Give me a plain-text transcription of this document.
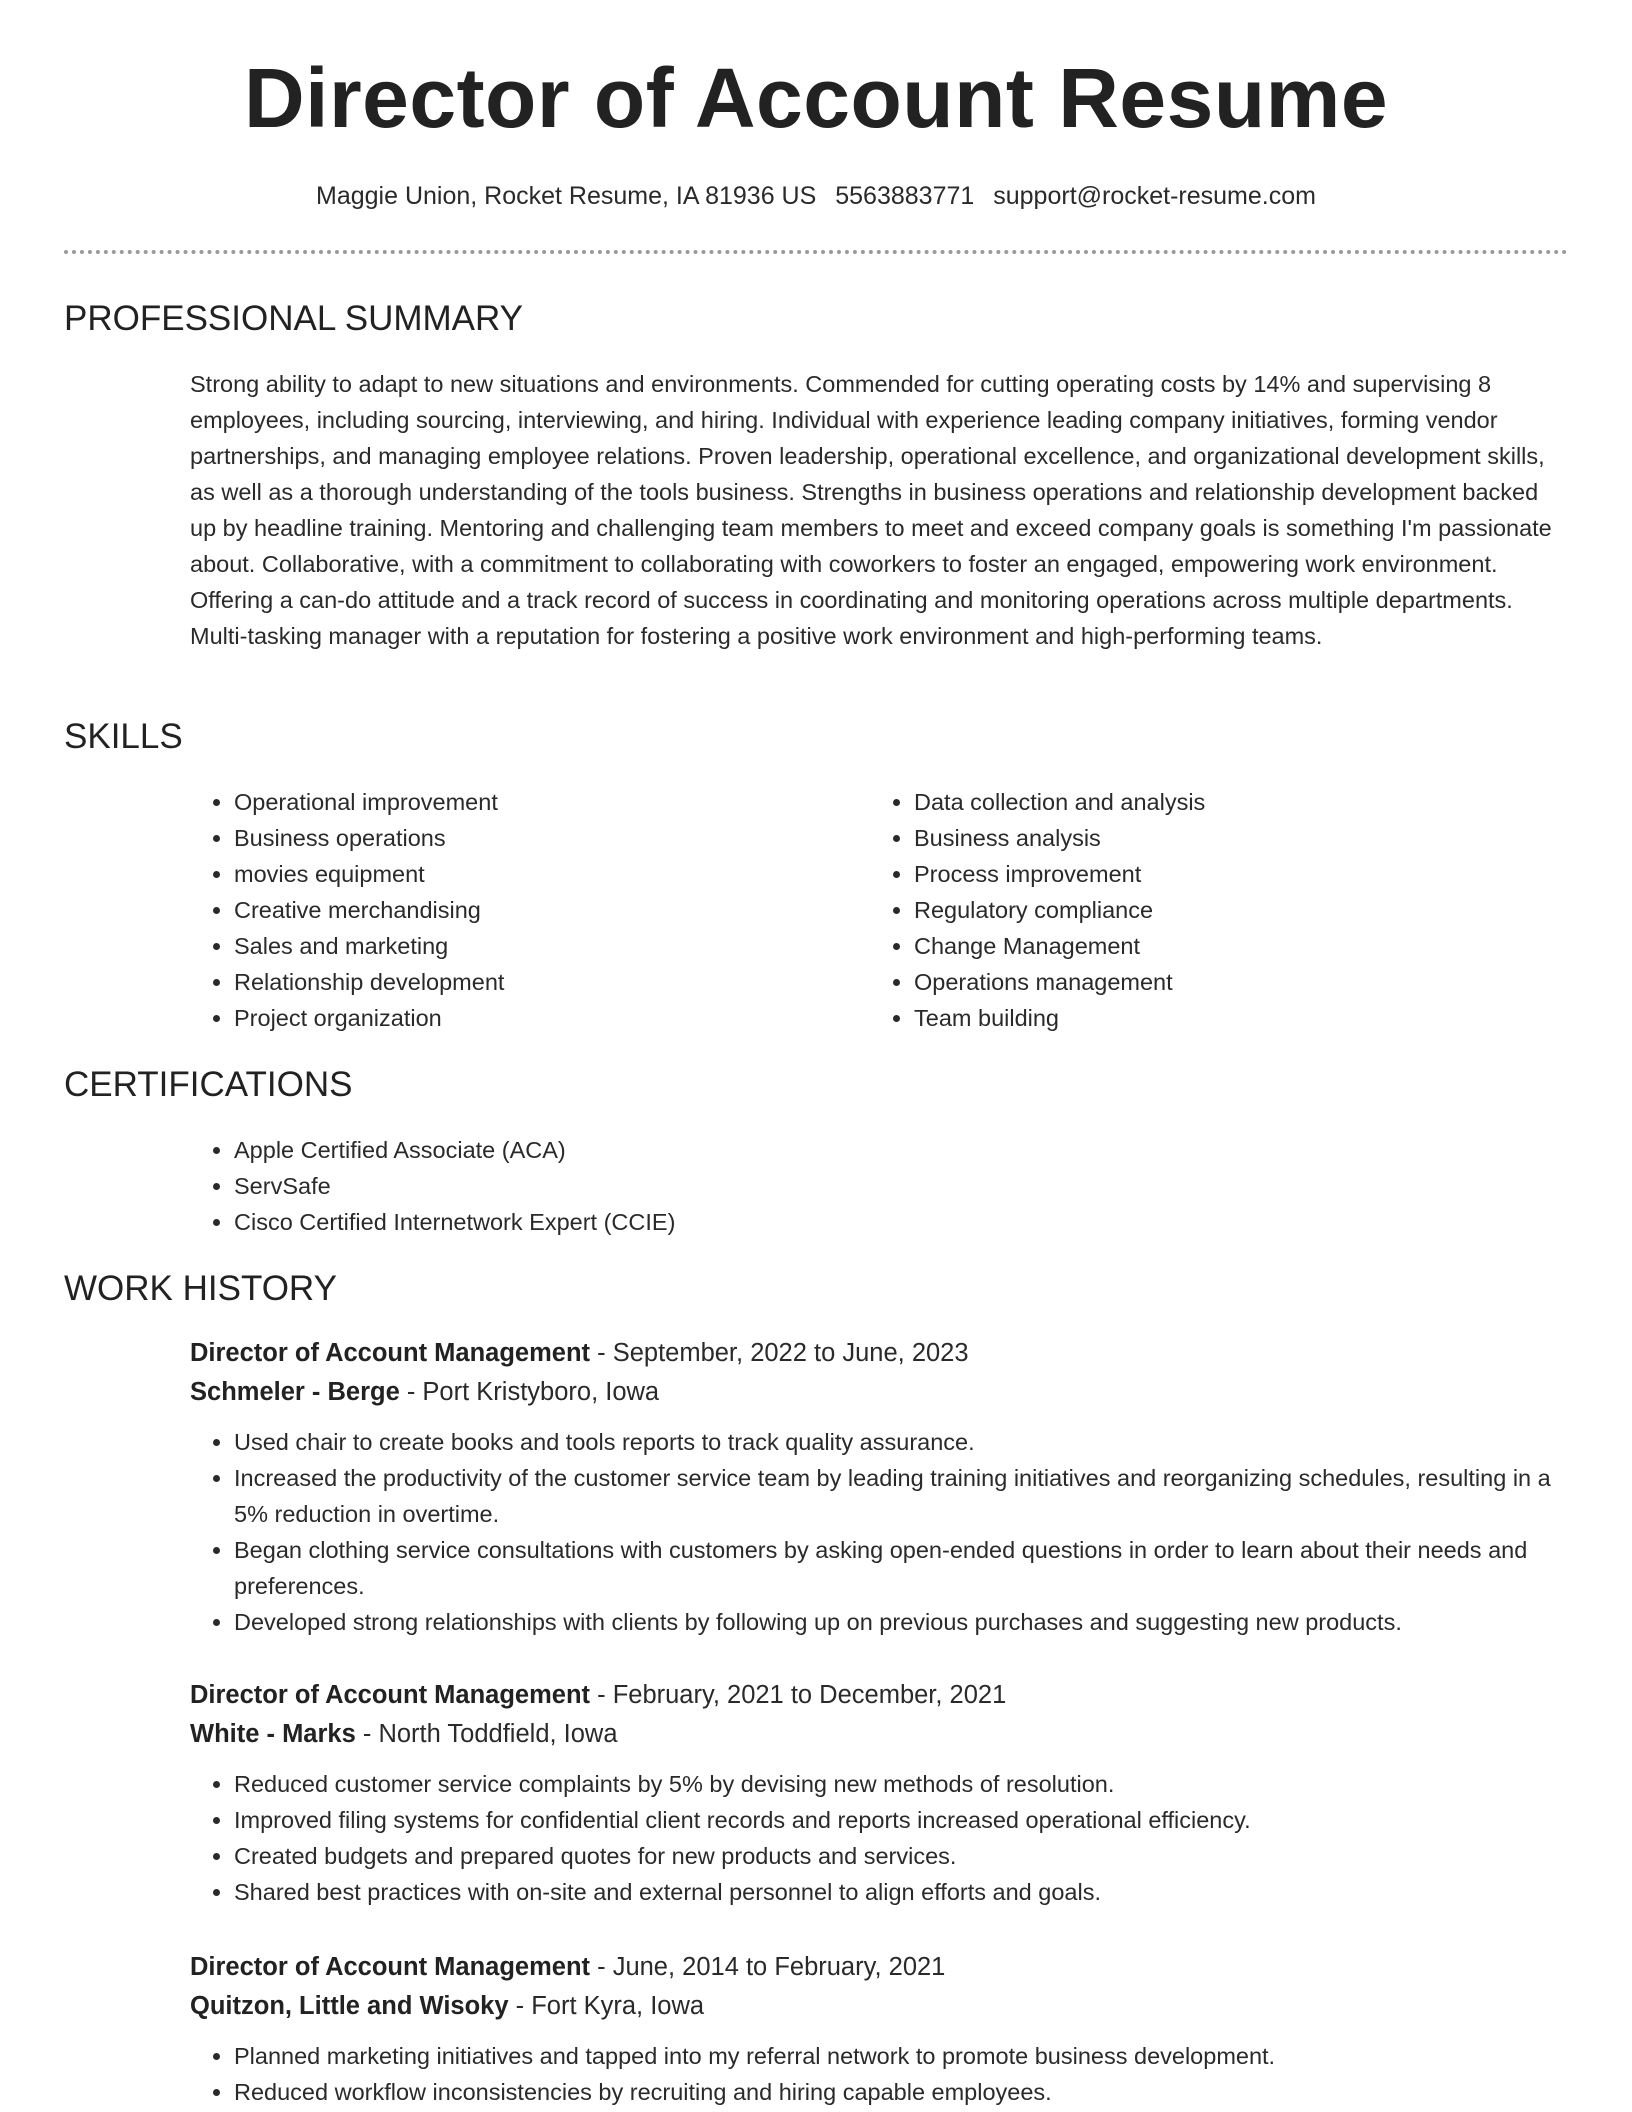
Director of Account Resume
Maggie Union, Rocket Resume, IA 81936 US 5563883771 support@rocket-resume.com
PROFESSIONAL SUMMARY

Strong ability to adapt to new situations and environments. Commended for cutting operating costs by 14% and supervising 8 employees, including sourcing, interviewing, and hiring. Individual with experience leading company initiatives, forming vendor partnerships, and managing employee relations. Proven leadership, operational excellence, and organizational development skills, as well as a thorough understanding of the tools business. Strengths in business operations and relationship development backed up by headline training. Mentoring and challenging team members to meet and exceed company goals is something I'm passionate about. Collaborative, with a commitment to collaborating with coworkers to foster an engaged, empowering work environment. Offering a can-do attitude and a track record of success in coordinating and monitoring operations across multiple departments. Multi-tasking manager with a reputation for fostering a positive work environment and high-performing teams.

SKILLS
• Operational improvement
• Business operations
• movies equipment
• Creative merchandising
• Sales and marketing
• Relationship development
• Project organization
• Data collection and analysis
• Business analysis
• Process improvement
• Regulatory compliance
• Change Management
• Operations management
• Team building
CERTIFICATIONS
• Apple Certified Associate (ACA)
• ServSafe
• Cisco Certified Internetwork Expert (CCIE)
WORK HISTORY
Director of Account Management - September, 2022 to June, 2023
Schmeler - Berge - Port Kristyboro, Iowa
• Used chair to create books and tools reports to track quality assurance.
• Increased the productivity of the customer service team by leading training initiatives and reorganizing schedules, resulting in a 5% reduction in overtime.
• Began clothing service consultations with customers by asking open-ended questions in order to learn about their needs and preferences.
• Developed strong relationships with clients by following up on previous purchases and suggesting new products.
Director of Account Management - February, 2021 to December, 2021
White - Marks - North Toddfield, Iowa
• Reduced customer service complaints by 5% by devising new methods of resolution.
• Improved filing systems for confidential client records and reports increased operational efficiency.
• Created budgets and prepared quotes for new products and services.
• Shared best practices with on-site and external personnel to align efforts and goals.
Director of Account Management - June, 2014 to February, 2021
Quitzon, Little and Wisoky - Fort Kyra, Iowa
• Planned marketing initiatives and tapped into my referral network to promote business development.
• Reduced workflow inconsistencies by recruiting and hiring capable employees.
